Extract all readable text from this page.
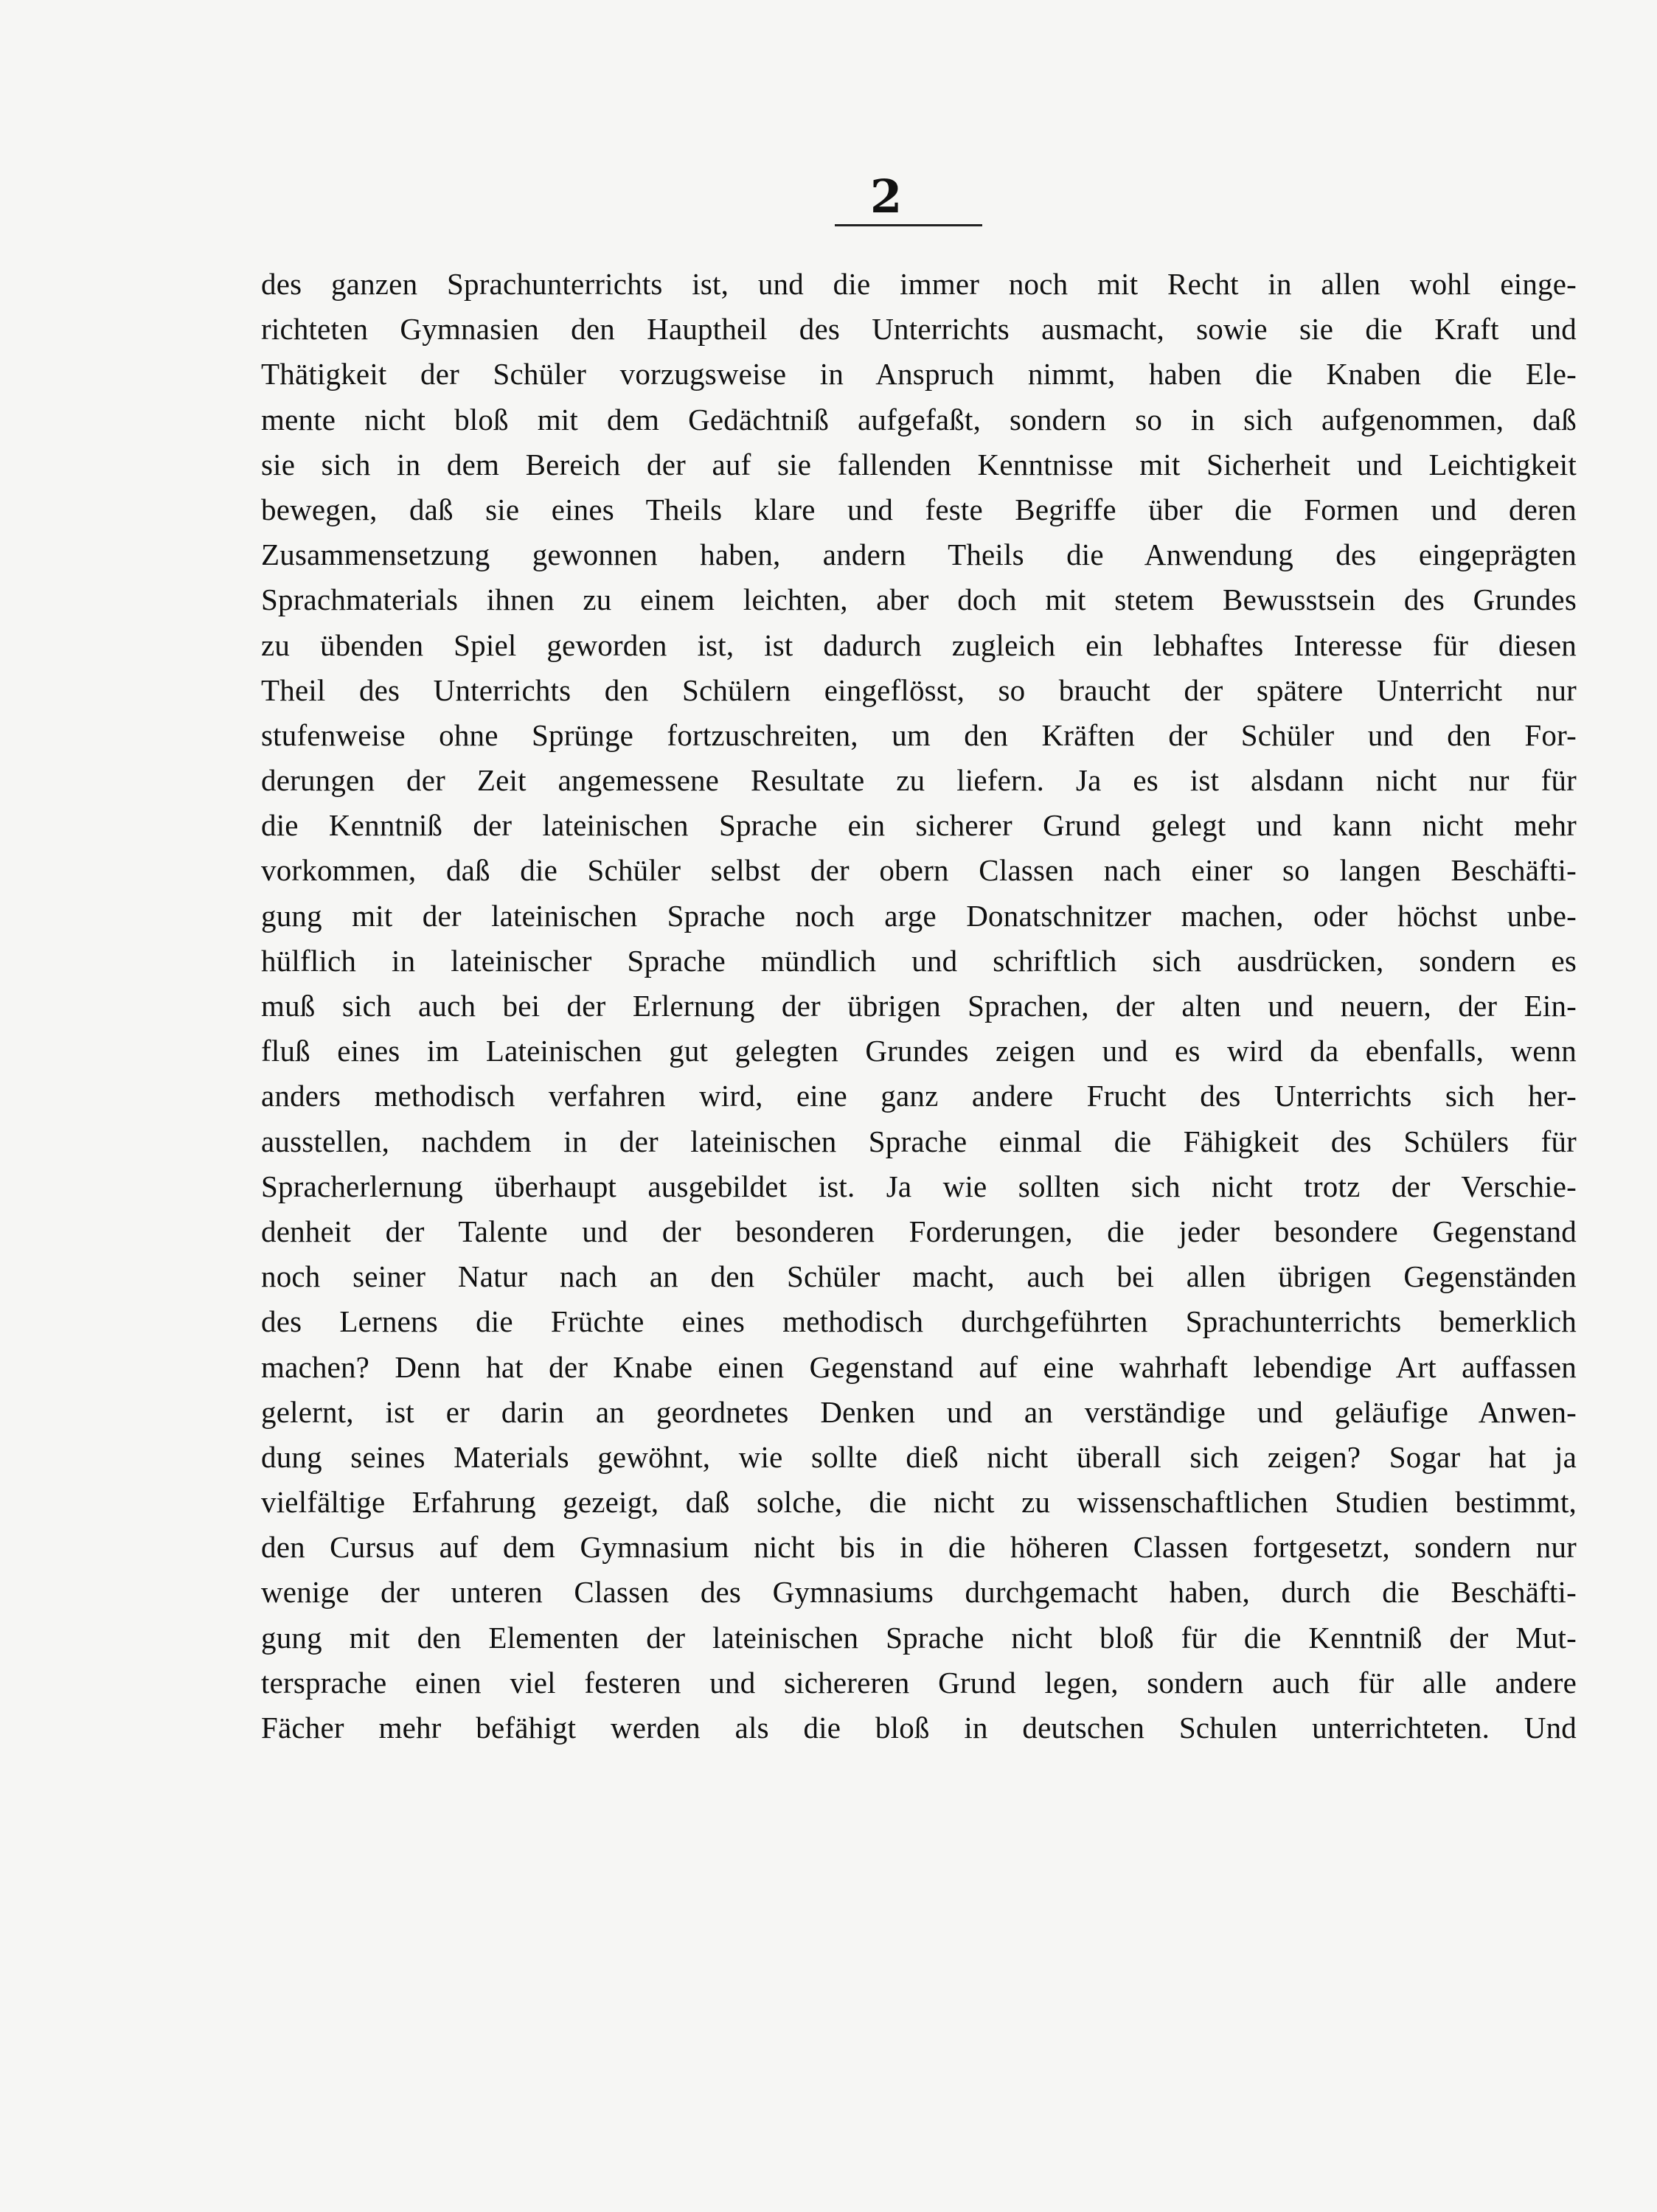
2
des ganzen Sprachunterrichts ist, und die immer noch mit Recht in allen wohl einge-
richteten Gymnasien den Hauptheil des Unterrichts ausmacht, sowie sie die Kraft und
Thätigkeit der Schüler vorzugsweise in Anspruch nimmt, haben die Knaben die Ele-
mente nicht bloß mit dem Gedächtniß aufgefaßt, sondern so in sich aufgenommen, daß
sie sich in dem Bereich der auf sie fallenden Kenntnisse mit Sicherheit und Leichtigkeit
bewegen, daß sie eines Theils klare und feste Begriffe über die Formen und deren
Zusammensetzung gewonnen haben, andern Theils die Anwendung des eingeprägten
Sprachmaterials ihnen zu einem leichten, aber doch mit stetem Bewusstsein des Grundes
zu übenden Spiel geworden ist, ist dadurch zugleich ein lebhaftes Interesse für diesen
Theil des Unterrichts den Schülern eingeflösst, so braucht der spätere Unterricht nur
stufenweise ohne Sprünge fortzuschreiten, um den Kräften der Schüler und den For-
derungen der Zeit angemessene Resultate zu liefern. Ja es ist alsdann nicht nur für
die Kenntniß der lateinischen Sprache ein sicherer Grund gelegt und kann nicht mehr
vorkommen, daß die Schüler selbst der obern Classen nach einer so langen Beschäfti-
gung mit der lateinischen Sprache noch arge Donatschnitzer machen, oder höchst unbe-
hülflich in lateinischer Sprache mündlich und schriftlich sich ausdrücken, sondern es
muß sich auch bei der Erlernung der übrigen Sprachen, der alten und neuern, der Ein-
fluß eines im Lateinischen gut gelegten Grundes zeigen und es wird da ebenfalls, wenn
anders methodisch verfahren wird, eine ganz andere Frucht des Unterrichts sich her-
ausstellen, nachdem in der lateinischen Sprache einmal die Fähigkeit des Schülers für
Spracherlernung überhaupt ausgebildet ist. Ja wie sollten sich nicht trotz der Verschie-
denheit der Talente und der besonderen Forderungen, die jeder besondere Gegenstand
noch seiner Natur nach an den Schüler macht, auch bei allen übrigen Gegenständen
des Lernens die Früchte eines methodisch durchgeführten Sprachunterrichts bemerklich
machen? Denn hat der Knabe einen Gegenstand auf eine wahrhaft lebendige Art auffassen
gelernt, ist er darin an geordnetes Denken und an verständige und geläufige Anwen-
dung seines Materials gewöhnt, wie sollte dieß nicht überall sich zeigen? Sogar hat ja
vielfältige Erfahrung gezeigt, daß solche, die nicht zu wissenschaftlichen Studien bestimmt,
den Cursus auf dem Gymnasium nicht bis in die höheren Classen fortgesetzt, sondern nur
wenige der unteren Classen des Gymnasiums durchgemacht haben, durch die Beschäfti-
gung mit den Elementen der lateinischen Sprache nicht bloß für die Kenntniß der Mut-
tersprache einen viel festeren und sichereren Grund legen, sondern auch für alle andere
Fächer mehr befähigt werden als die bloß in deutschen Schulen unterrichteten. Und
